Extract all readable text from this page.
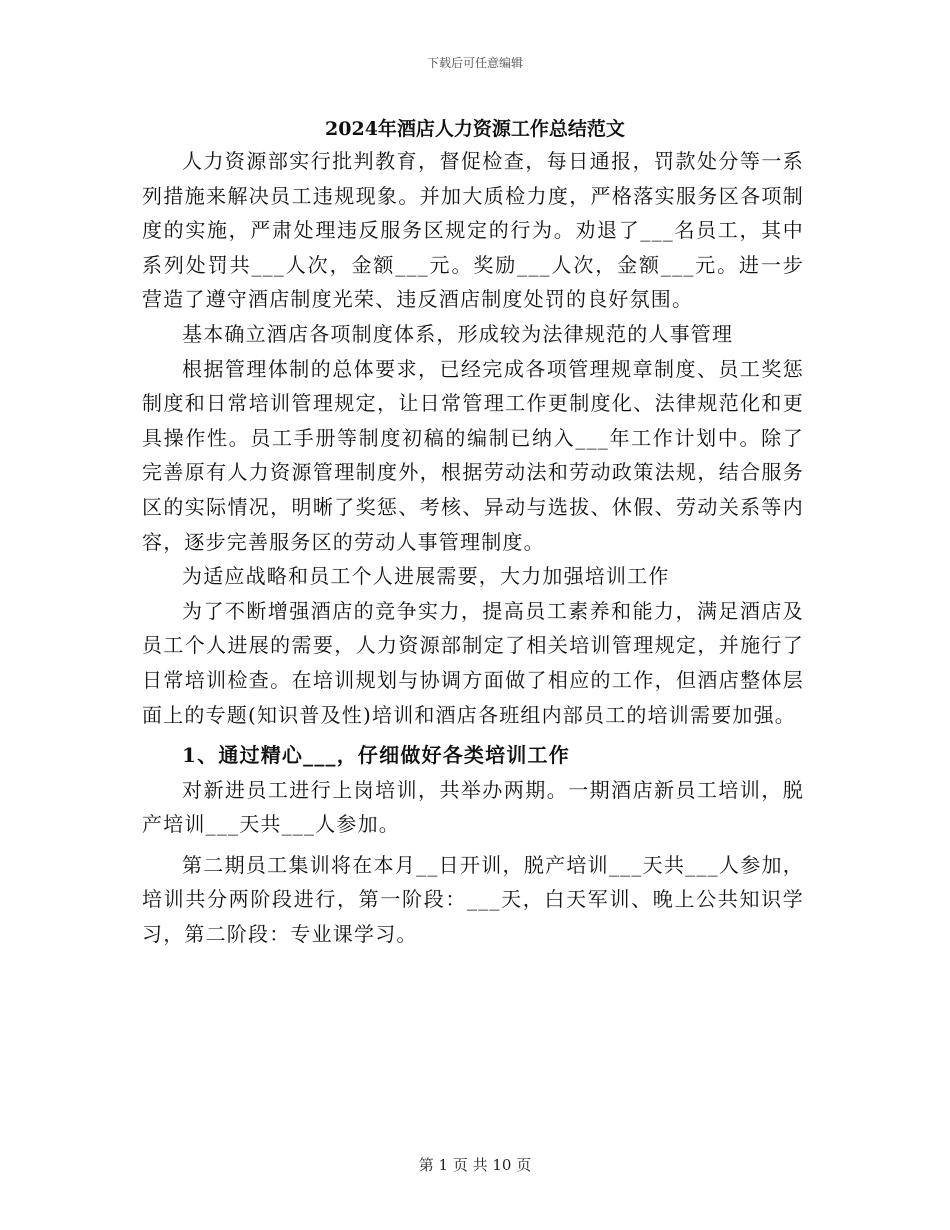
下载后可任意编辑
2024年酒店人力资源工作总结范文

人力资源部实行批判教育，督促检查，每日通报，罚款处分等一系列措施来解决员工违规现象。并加大质检力度，严格落实服务区各项制度的实施，严肃处理违反服务区规定的行为。劝退了___名员工，其中系列处罚共___人次，金额___元。奖励___人次，金额___元。进一步营造了遵守酒店制度光荣、违反酒店制度处罚的良好氛围。

基本确立酒店各项制度体系，形成较为法律规范的人事管理

根据管理体制的总体要求，已经完成各项管理规章制度、员工奖惩制度和日常培训管理规定，让日常管理工作更制度化、法律规范化和更具操作性。员工手册等制度初稿的编制已纳入___年工作计划中。除了完善原有人力资源管理制度外，根据劳动法和劳动政策法规，结合服务区的实际情况，明晰了奖惩、考核、异动与选拔、休假、劳动关系等内容，逐步完善服务区的劳动人事管理制度。

为适应战略和员工个人进展需要，大力加强培训工作

为了不断增强酒店的竞争实力，提高员工素养和能力，满足酒店及员工个人进展的需要，人力资源部制定了相关培训管理规定，并施行了日常培训检查。在培训规划与协调方面做了相应的工作，但酒店整体层面上的专题(知识普及性)培训和酒店各班组内部员工的培训需要加强。

1、通过精心___，仔细做好各类培训工作

对新进员工进行上岗培训，共举办两期。一期酒店新员工培训，脱产培训___天共___人参加。

第二期员工集训将在本月__日开训，脱产培训___天共___人参加，培训共分两阶段进行，第一阶段：___天，白天军训、晚上公共知识学习，第二阶段：专业课学习。

第 1 页 共 10 页
